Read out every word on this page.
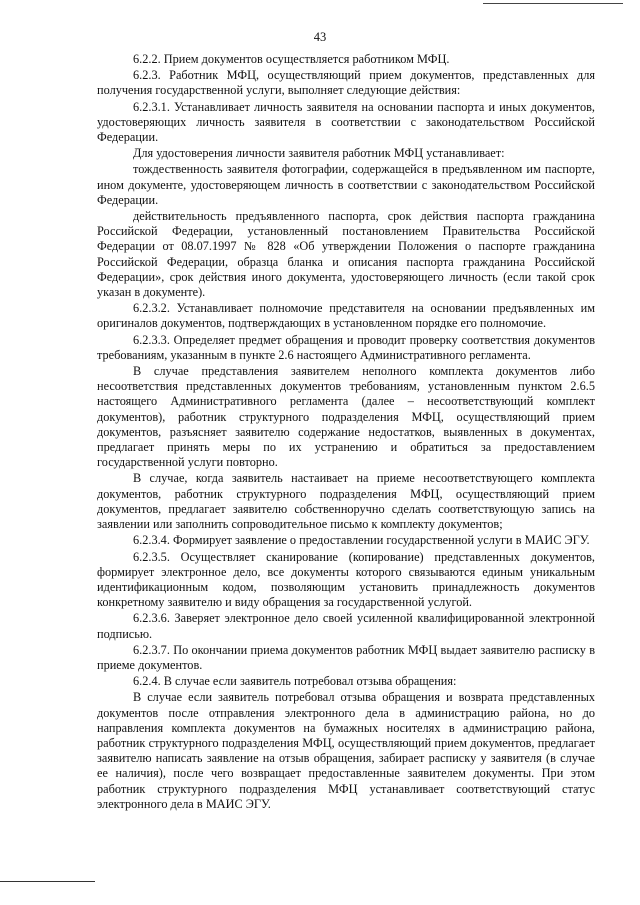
43

6.2.2. Прием документов осуществляется работником МФЦ.

6.2.3. Работник МФЦ, осуществляющий прием документов, представленных для получения государственной услуги, выполняет следующие действия:

6.2.3.1. Устанавливает личность заявителя на основании паспорта и иных документов, удостоверяющих личность заявителя в соответствии с законодательством Российской Федерации.

Для удостоверения личности заявителя работник МФЦ устанавливает:

тождественность заявителя фотографии, содержащейся в предъявленном им паспорте, ином документе, удостоверяющем личность в соответствии с законодательством Российской Федерации.

действительность предъявленного паспорта, срок действия паспорта гражданина Российской Федерации, установленный постановлением Правительства Российской Федерации от 08.07.1997 № 828 «Об утверждении Положения о паспорте гражданина Российской Федерации, образца бланка и описания паспорта гражданина Российской Федерации», срок действия иного документа, удостоверяющего личность (если такой срок указан в документе).

6.2.3.2. Устанавливает полномочие представителя на основании предъявленных им оригиналов документов, подтверждающих в установленном порядке его полномочие.

6.2.3.3. Определяет предмет обращения и проводит проверку соответствия документов требованиям, указанным в пункте 2.6 настоящего Административного регламента.

В случае представления заявителем неполного комплекта документов либо несоответствия представленных документов требованиям, установленным пунктом 2.6.5 настоящего Административного регламента (далее – несоответствующий комплект документов), работник структурного подразделения МФЦ, осуществляющий прием документов, разъясняет заявителю содержание недостатков, выявленных в документах, предлагает принять меры по их устранению и обратиться за предоставлением государственной услуги повторно.

В случае, когда заявитель настаивает на приеме несоответствующего комплекта документов, работник структурного подразделения МФЦ, осуществляющий прием документов, предлагает заявителю собственноручно сделать соответствующую запись на заявлении или заполнить сопроводительное письмо к комплекту документов;

6.2.3.4. Формирует заявление о предоставлении государственной услуги в МАИС ЭГУ.

6.2.3.5. Осуществляет сканирование (копирование) представленных документов, формирует электронное дело, все документы которого связываются единым уникальным идентификационным кодом, позволяющим установить принадлежность документов конкретному заявителю и виду обращения за государственной услугой.

6.2.3.6. Заверяет электронное дело своей усиленной квалифицированной электронной подписью.

6.2.3.7. По окончании приема документов работник МФЦ выдает заявителю расписку в приеме документов.

6.2.4. В случае если заявитель потребовал отзыва обращения:

В случае если заявитель потребовал отзыва обращения и возврата представленных документов после отправления электронного дела в администрацию района, но до направления комплекта документов на бумажных носителях в администрацию района, работник структурного подразделения МФЦ, осуществляющий прием документов, предлагает заявителю написать заявление на отзыв обращения, забирает расписку у заявителя (в случае ее наличия), после чего возвращает предоставленные заявителем документы. При этом работник структурного подразделения МФЦ устанавливает соответствующий статус электронного дела в МАИС ЭГУ.
